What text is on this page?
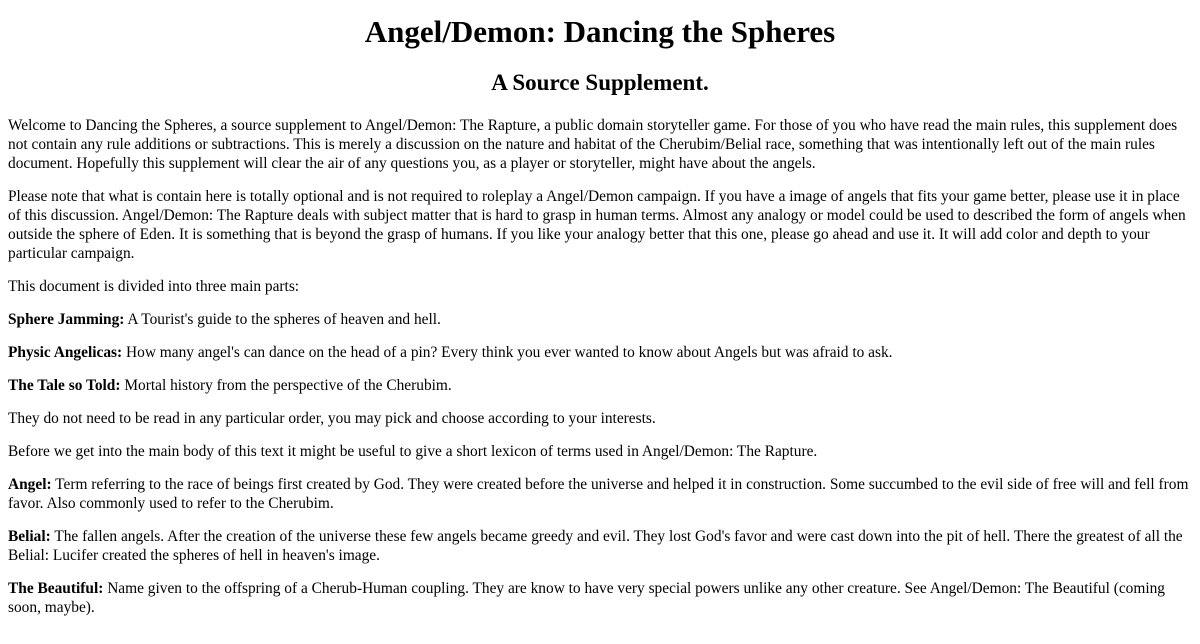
Angel/Demon: Dancing the Spheres
A Source Supplement.

Welcome to Dancing the Spheres, a source supplement to Angel/Demon: The Rapture, a public domain storyteller game. For those of you who have read the main rules, this supplement does not contain any rule additions or subtractions. This is merely a discussion on the nature and habitat of the Cherubim/Belial race, something that was intentionally left out of the main rules document. Hopefully this supplement will clear the air of any questions you, as a player or storyteller, might have about the angels.

Please note that what is contain here is totally optional and is not required to roleplay a Angel/Demon campaign. If you have a image of angels that fits your game better, please use it in place of this discussion. Angel/Demon: The Rapture deals with subject matter that is hard to grasp in human terms. Almost any analogy or model could be used to described the form of angels when outside the sphere of Eden. It is something that is beyond the grasp of humans. If you like your analogy better that this one, please go ahead and use it. It will add color and depth to your particular campaign.

This document is divided into three main parts:

Sphere Jamming: A Tourist's guide to the spheres of heaven and hell.

Physic Angelicas: How many angel's can dance on the head of a pin? Every think you ever wanted to know about Angels but was afraid to ask.

The Tale so Told: Mortal history from the perspective of the Cherubim.

They do not need to be read in any particular order, you may pick and choose according to your interests.

Before we get into the main body of this text it might be useful to give a short lexicon of terms used in Angel/Demon: The Rapture.

Angel: Term referring to the race of beings first created by God. They were created before the universe and helped it in construction. Some succumbed to the evil side of free will and fell from favor. Also commonly used to refer to the Cherubim.

Belial: The fallen angels. After the creation of the universe these few angels became greedy and evil. They lost God's favor and were cast down into the pit of hell. There the greatest of all the Belial: Lucifer created the spheres of hell in heaven's image.

The Beautiful: Name given to the offspring of a Cherub-Human coupling. They are know to have very special powers unlike any other creature. See Angel/Demon: The Beautiful (coming soon, maybe).
